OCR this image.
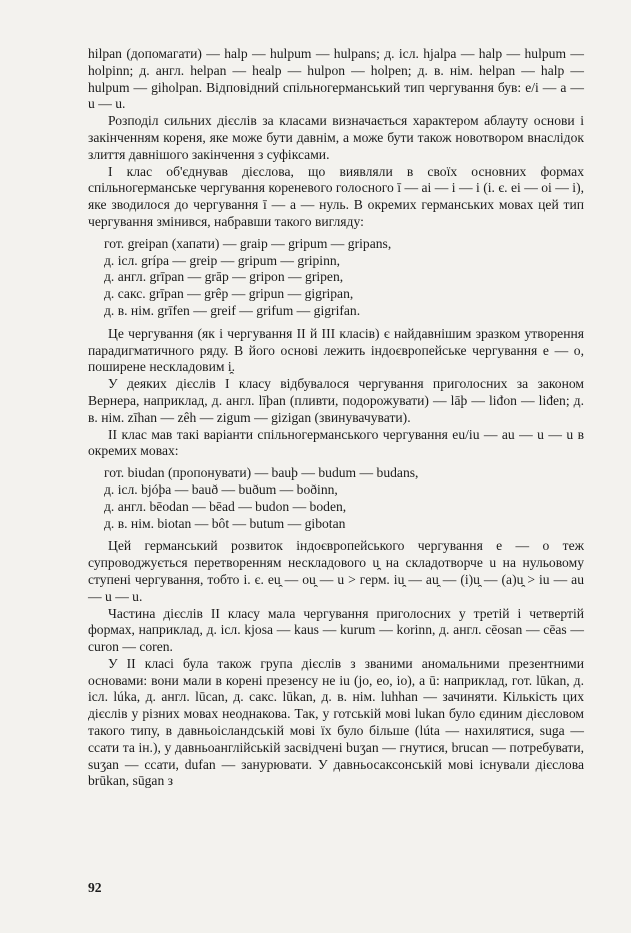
hilpan (допомагати) — halp — hulpum — hulpans; д. ісл. hjalpa — halp — hulpum — holpinn; д. англ. helpan — healp — hulpon — holpen; д. в. нім. helpan — halp — hulpum — giholpan. Відповідний спільногерманський тип чергування був: e/i — a — u — u.

Розподіл сильних дієслів за класами визначається характером аблауту основи і закінченням кореня, яке може бути давнім, а може бути також новотвором внаслідок злиття давнішого закінчення з суфіксами.

І клас об'єднував дієслова, що виявляли в своїх основних формах спільногерманське чергування кореневого голосного ī — ai — i — i (і. є. ei — oi — i), яке зводилося до чергування ī — a — нуль. В окремих германських мовах цей тип чергування змінився, набравши такого вигляду:

гот. greipan (хапати) — graip — gripum — gripans,
д. ісл. grípa — greip — gripum — gripinn,
д. англ. grīpan — grāp — gripon — gripen,
д. сакс. grīpan — grêp — gripun — gigripan,
д. в. нім. grīfen — greif — grifum — gigrifan.

Це чергування (як і чергування II й III класів) є найдавнішим зразком утворення парадигматичного ряду. В його основі лежить індоєвропейське чергування e — o, поширене нескладовим i̯.

У деяких дієслів І класу відбувалося чергування приголосних за законом Вернера, наприклад, д. англ. līþan (пливти, подорожувати) — lāþ — liđon — liđen; д. в. нім. zīhan — zêh — zigum — gizigan (звинувачувати).

ІІ клас мав такі варіанти спільногерманського чергування eu/iu — au — u — u в окремих мовах:

гот. biudan (пропонувати) — bauþ — budum — budans,
д. ісл. bjóþa — bauð — buðum — boðinn,
д. англ. bēodan — bēad — budon — boden,
д. в. нім. biotan — bôt — butum — gibotan

Цей германський розвиток індоєвропейського чергування e — o теж супроводжується перетворенням нескладового u̯ на складотворче u на нульовому ступені чергування, тобто і. є. eu̯ — ou̯ — u > герм. iu̯ — au̯ — (i)u̯ — (a)u̯ > iu — au — u — u.

Частина дієслів II класу мала чергування приголосних у третій і четвертій формах, наприклад, д. ісл. kjosa — kaus — kurum — korinn, д. англ. cēosan — cēas — curon — coren.

У II класі була також група дієслів з званими аномальними презентними основами: вони мали в корені презенсу не iu (jo, eo, io), а ū: наприклад, гот. lūkan, д. ісл. lúka, д. англ. lūcan, д. сакс. lūkan, д. в. нім. luhhan — зачиняти. Кількість цих дієслів у різних мовах неоднакова. Так, у готській мові lukan було єдиним дієсловом такого типу, в давньоісландській мові їх було більше (lúta — нахилятися, suga — ссати та ін.), у давньоанглійській засвідчені buʒan — гнутися, brucan — потребувати, suʒan — ссати, dufan — занурювати. У давньосаксонській мові існували дієслова brūkan, sūgan з

92
